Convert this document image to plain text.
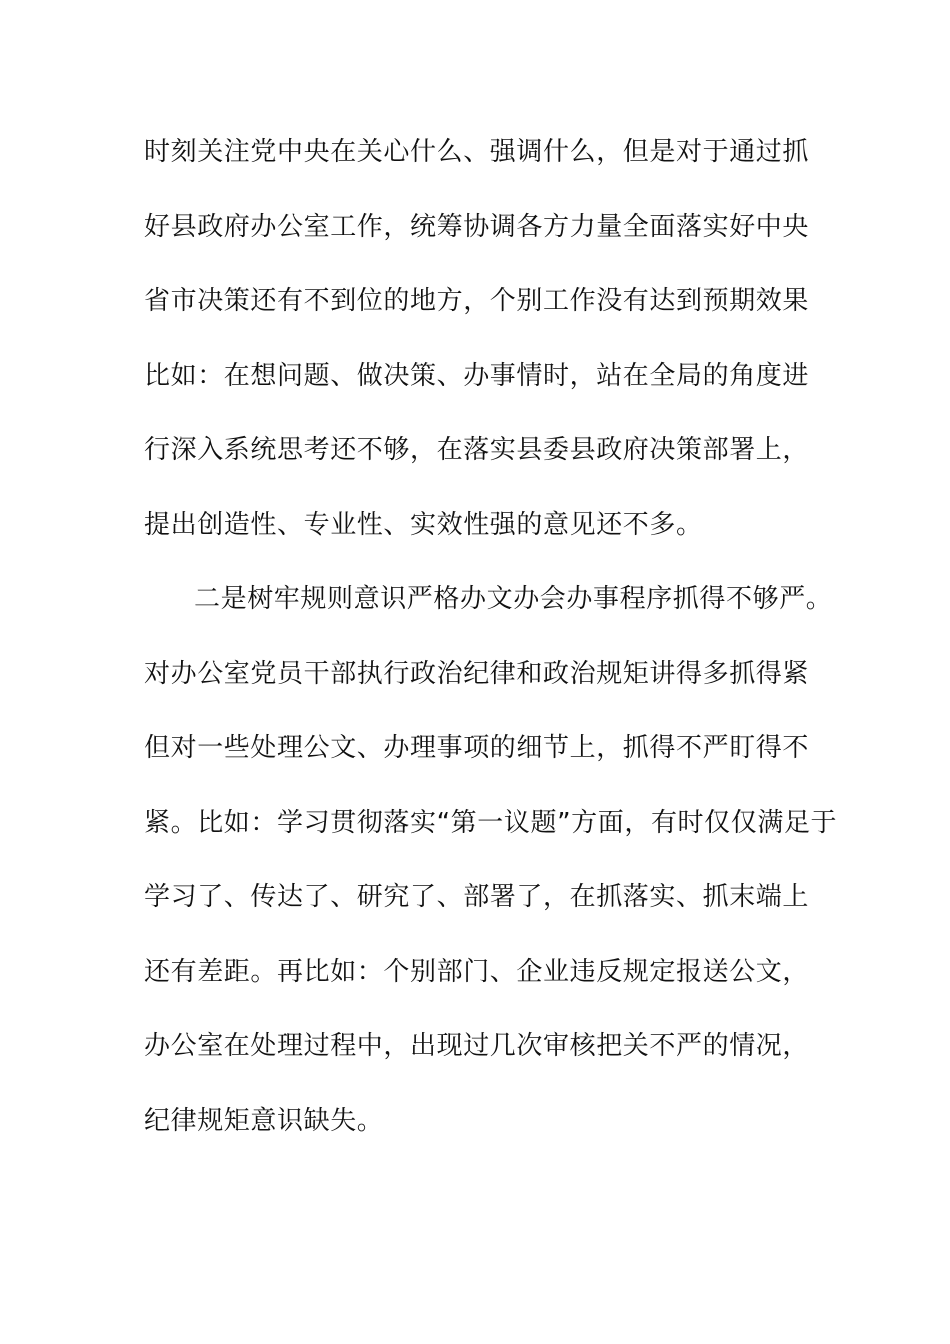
时刻关注党中央在关心什么、强调什么，但是对于通过抓
好县政府办公室工作，统筹协调各方力量全面落实好中央
省市决策还有不到位的地方，个别工作没有达到预期效果
比如：在想问题、做决策、办事情时，站在全局的角度进
行深入系统思考还不够，在落实县委县政府决策部署上，
提出创造性、专业性、实效性强的意见还不多。
二是树牢规则意识严格办文办会办事程序抓得不够严。
对办公室党员干部执行政治纪律和政治规矩讲得多抓得紧
但对一些处理公文、办理事项的细节上，抓得不严盯得不
紧。比如：学习贯彻落实“第一议题”方面，有时仅仅满足于
学习了、传达了、研究了、部署了，在抓落实、抓末端上
还有差距。再比如：个别部门、企业违反规定报送公文，
办公室在处理过程中，出现过几次审核把关不严的情况，
纪律规矩意识缺失。
